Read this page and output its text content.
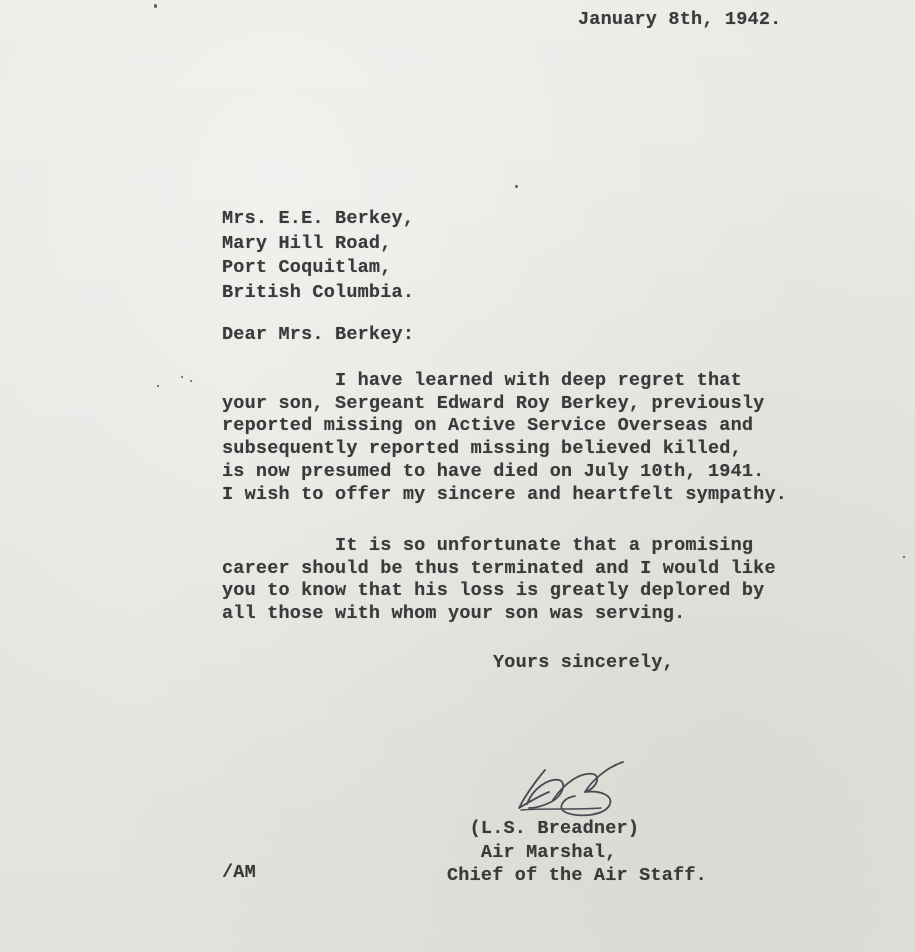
January 8th, 1942.
Mrs. E.E. Berkey,
Mary Hill Road,
Port Coquitlam,
British Columbia.
Dear Mrs. Berkey:
I have learned with deep regret that
your son, Sergeant Edward Roy Berkey, previously
reported missing on Active Service Overseas and
subsequently reported missing believed killed,
is now presumed to have died on July 10th, 1941.
I wish to offer my sincere and heartfelt sympathy.
It is so unfortunate that a promising
career should be thus terminated and I would like
you to know that his loss is greatly deplored by
all those with whom your son was serving.
Yours sincerely,
(L.S. Breadner)
Air Marshal,
Chief of the Air Staff.
/AM
